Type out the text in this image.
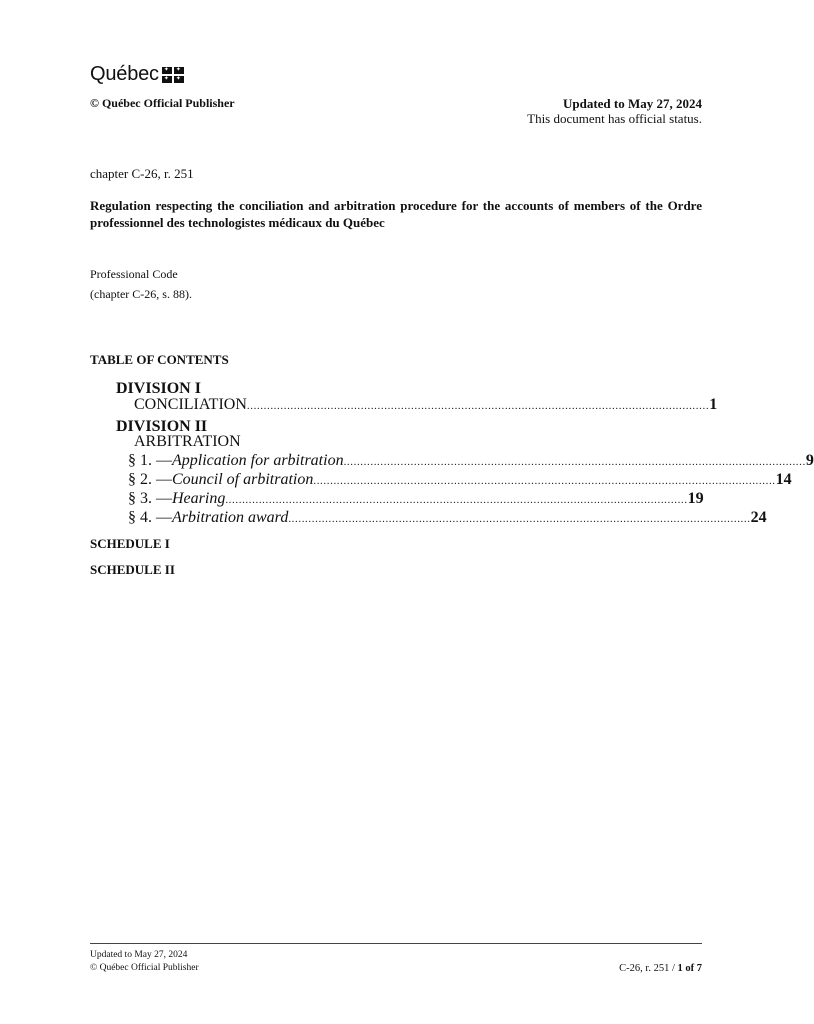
Québec
✦
✦
✦
✦
© Québec Official Publisher	Updated to May 27, 2024
This document has official status.
chapter C-26, r. 251
Regulation respecting the conciliation and arbitration procedure for the accounts of members of the Ordre professionnel des technologistes médicaux du Québec
Professional Code
(chapter C-26, s. 88).
TABLE OF CONTENTS
DIVISION I
CONCILIATION .......................................................................................................................................... 1
DIVISION II
ARBITRATION
§ 1. — Application for arbitration .......................................................................................................................................... 9
§ 2. — Council of arbitration .......................................................................................................................................... 14
§ 3. — Hearing .......................................................................................................................................... 19
§ 4. — Arbitration award .......................................................................................................................................... 24
SCHEDULE I
SCHEDULE II
Updated to May 27, 2024
© Québec Official Publisher	C-26, r. 251 / 1 of 7
